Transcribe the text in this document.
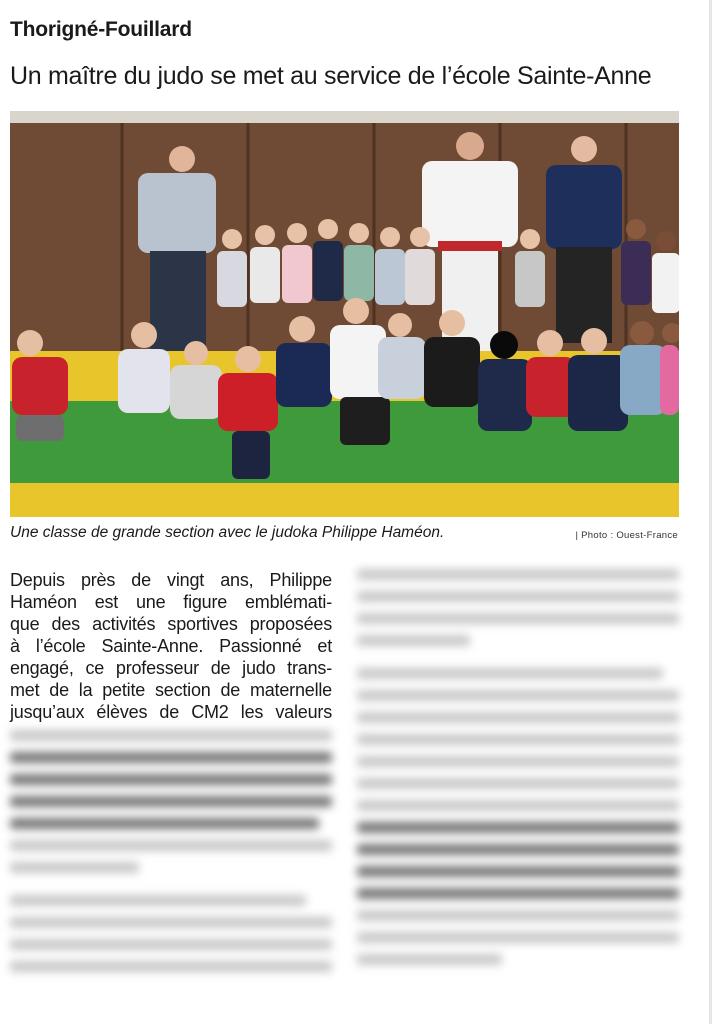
Thorigné-Fouillard
Un maître du judo se met au service de l’école Sainte-Anne
Une classe de grande section avec le judoka Philippe Haméon.	| Photo : Ouest-France
Depuis près de vingt ans, Philippe
Haméon est une figure emblémati-
que des activités sportives proposées
à l’école Sainte-Anne. Passionné et
engagé, ce professeur de judo trans-
met de la petite section de maternelle
jusqu’aux élèves de CM2 les valeurs
